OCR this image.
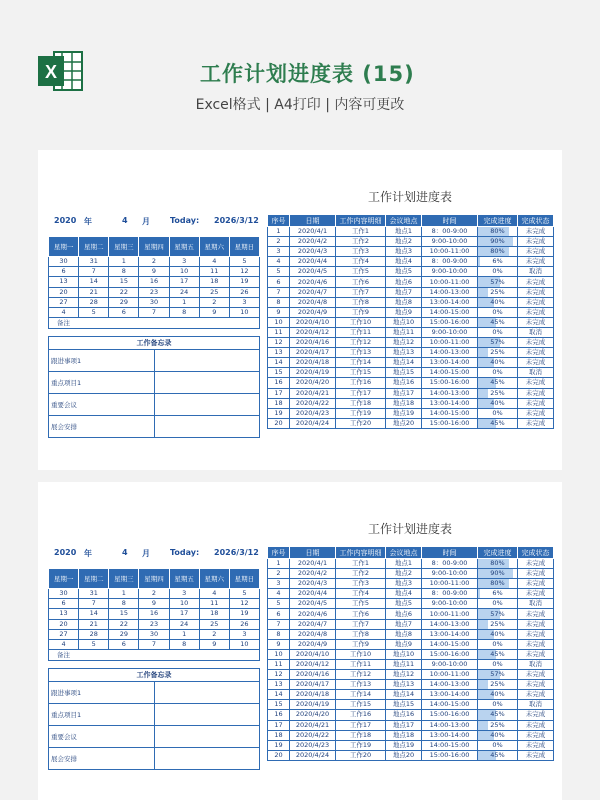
X	工作计划进度表 (15)
Excel格式 | A4打印 | 内容可更改
工作计划进度表
2020 年	4 月	Today: 2026/3/12
星期一	星期二	星期三	星期四	星期五	星期六	星期日
30	31	1	2	3	4	5
6	7	8	9	10	11	12
13	14	15	16	17	18	19
20	21	22	23	24	25	26
27	28	29	30	1	2	3
4	5	6	7	8	9	10
备注						
工作备忘录	
跟进事项1	
重点项目1	
重要会议	
展会安排	
序号	日期	工作内容明细	会议地点	时间	完成进度	完成状态
1	2020/4/1	工作1	地点1	8：00-9:00	80%	未完成
2	2020/4/2	工作2	地点2	9:00-10:00	90%	未完成
3	2020/4/3	工作3	地点3	10:00-11:00	80%	未完成
4	2020/4/4	工作4	地点4	8：00-9:00	6%	未完成
5	2020/4/5	工作5	地点5	9:00-10:00	0%	取消
6	2020/4/6	工作6	地点6	10:00-11:00	57%	未完成
7	2020/4/7	工作7	地点7	14:00-13:00	25%	未完成
8	2020/4/8	工作8	地点8	13:00-14:00	40%	未完成
9	2020/4/9	工作9	地点9	14:00-15:00	0%	未完成
10	2020/4/10	工作10	地点10	15:00-16:00	45%	未完成
11	2020/4/12	工作11	地点11	9:00-10:00	0%	取消
12	2020/4/16	工作12	地点12	10:00-11:00	57%	未完成
13	2020/4/17	工作13	地点13	14:00-13:00	25%	未完成
14	2020/4/18	工作14	地点14	13:00-14:00	40%	未完成
15	2020/4/19	工作15	地点15	14:00-15:00	0%	取消
16	2020/4/20	工作16	地点16	15:00-16:00	45%	未完成
17	2020/4/21	工作17	地点17	14:00-13:00	25%	未完成
18	2020/4/22	工作18	地点18	13:00-14:00	40%	未完成
19	2020/4/23	工作19	地点19	14:00-15:00	0%	未完成
20	2020/4/24	工作20	地点20	15:00-16:00	45%	未完成
工作计划进度表
2020 年	4 月	Today: 2026/3/12
星期一	星期二	星期三	星期四	星期五	星期六	星期日
30	31	1	2	3	4	5
6	7	8	9	10	11	12
13	14	15	16	17	18	19
20	21	22	23	24	25	26
27	28	29	30	1	2	3
4	5	6	7	8	9	10
备注						
工作备忘录	
跟进事项1	
重点项目1	
重要会议	
展会安排	
序号	日期	工作内容明细	会议地点	时间	完成进度	完成状态
1	2020/4/1	工作1	地点1	8：00-9:00	80%	未完成
2	2020/4/2	工作2	地点2	9:00-10:00	90%	未完成
3	2020/4/3	工作3	地点3	10:00-11:00	80%	未完成
4	2020/4/4	工作4	地点4	8：00-9:00	6%	未完成
5	2020/4/5	工作5	地点5	9:00-10:00	0%	取消
6	2020/4/6	工作6	地点6	10:00-11:00	57%	未完成
7	2020/4/7	工作7	地点7	14:00-13:00	25%	未完成
8	2020/4/8	工作8	地点8	13:00-14:00	40%	未完成
9	2020/4/9	工作9	地点9	14:00-15:00	0%	未完成
10	2020/4/10	工作10	地点10	15:00-16:00	45%	未完成
11	2020/4/12	工作11	地点11	9:00-10:00	0%	取消
12	2020/4/16	工作12	地点12	10:00-11:00	57%	未完成
13	2020/4/17	工作13	地点13	14:00-13:00	25%	未完成
14	2020/4/18	工作14	地点14	13:00-14:00	40%	未完成
15	2020/4/19	工作15	地点15	14:00-15:00	0%	取消
16	2020/4/20	工作16	地点16	15:00-16:00	45%	未完成
17	2020/4/21	工作17	地点17	14:00-13:00	25%	未完成
18	2020/4/22	工作18	地点18	13:00-14:00	40%	未完成
19	2020/4/23	工作19	地点19	14:00-15:00	0%	未完成
20	2020/4/24	工作20	地点20	15:00-16:00	45%	未完成
